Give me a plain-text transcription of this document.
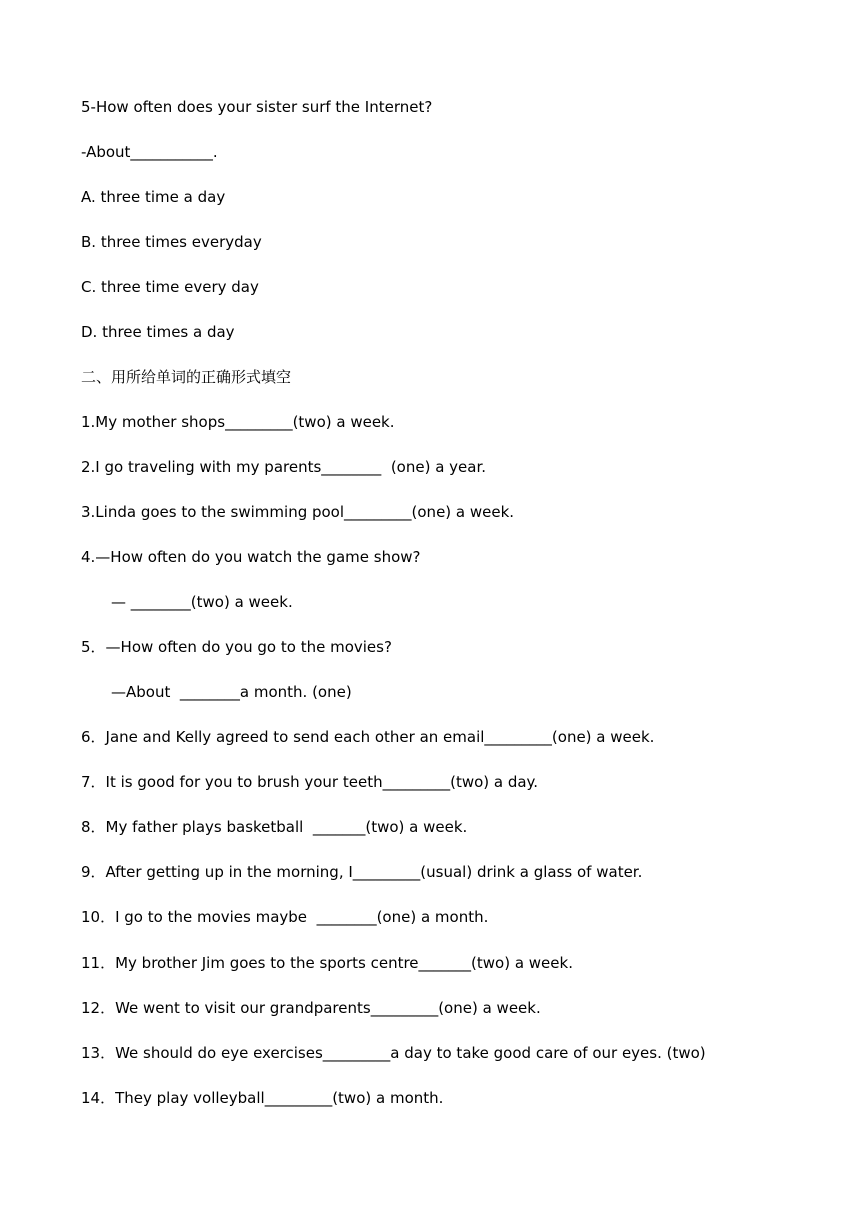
5-How often does your sister surf the Internet?
-About___________.
A. three time a day
B. three times everyday
C. three time every day
D. three times a day
二、用所给单词的正确形式填空
1.My mother shops_________(two) a week.
2.I go traveling with my parents________  (one) a year.
3.Linda goes to the swimming pool_________(one) a week.
4.—How often do you watch the game show?
— ________(two) a week.
5．—How often do you go to the movies?
—About  ________a month. (one)
6．Jane and Kelly agreed to send each other an email_________(one) a week.
7．It is good for you to brush your teeth_________(two) a day.
8．My father plays basketball  _______(two) a week.
9．After getting up in the morning, I_________(usual) drink a glass of water.
10．I go to the movies maybe  ________(one) a month.
11．My brother Jim goes to the sports centre_______(two) a week.
12．We went to visit our grandparents_________(one) a week.
13．We should do eye exercises_________a day to take good care of our eyes. (two)
14．They play volleyball_________(two) a month.
